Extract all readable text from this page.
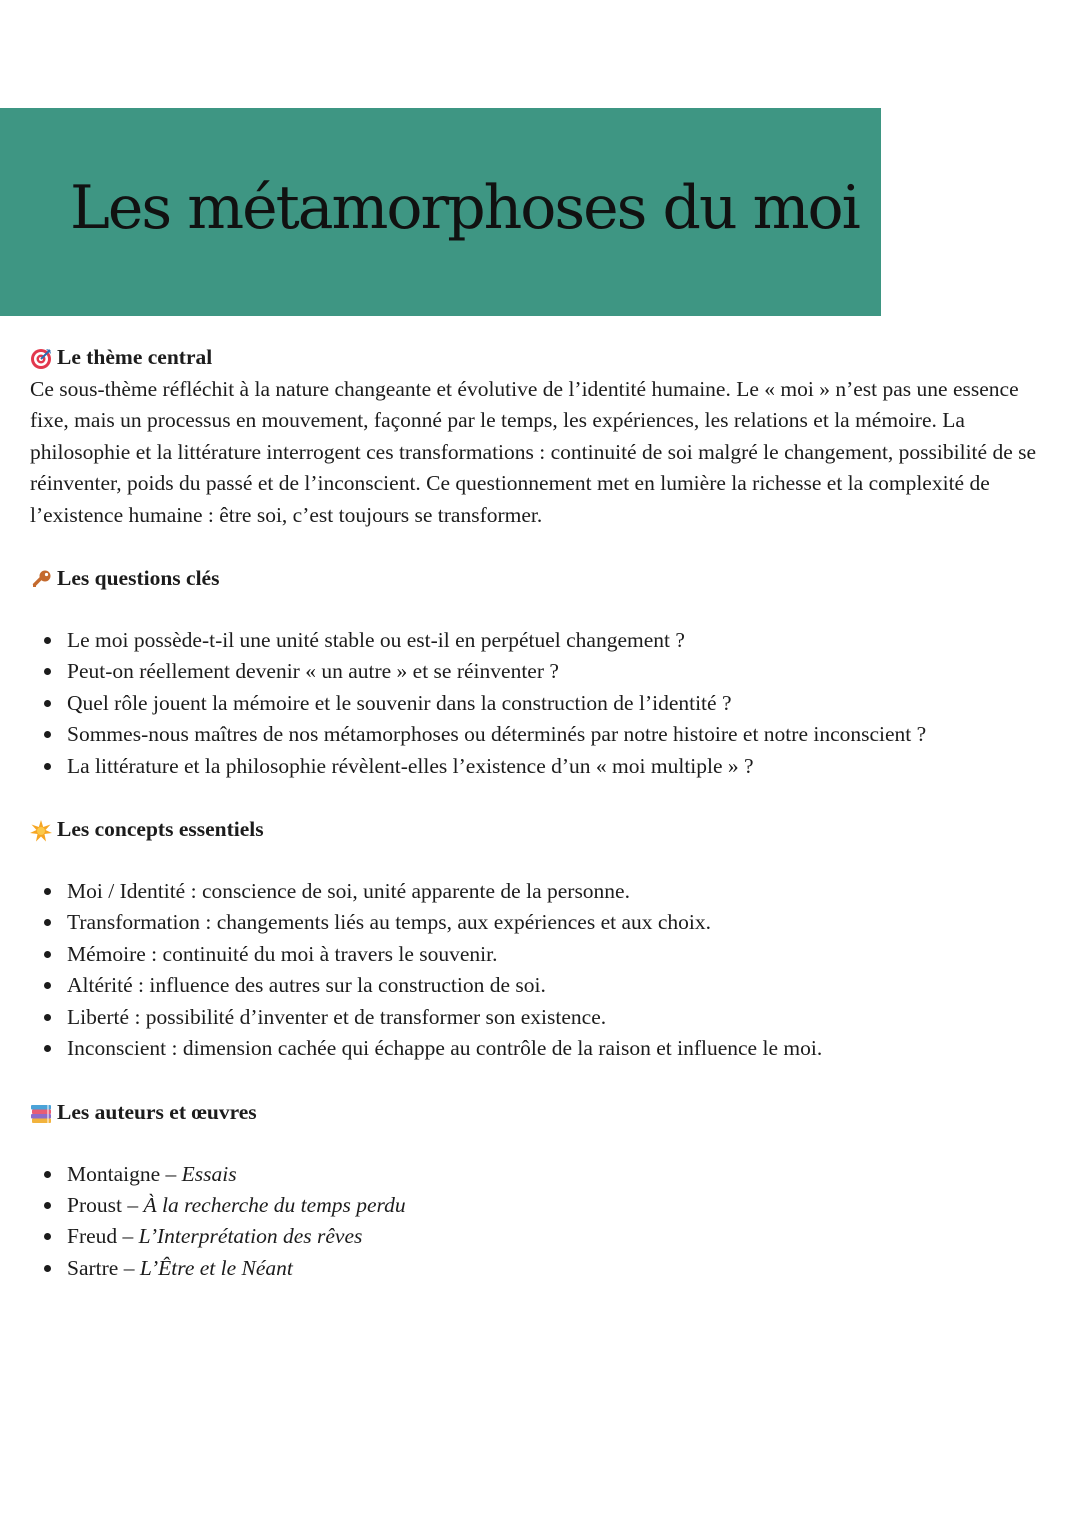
Les métamorphoses du moi
Le thème central

Ce sous-thème réfléchit à la nature changeante et évolutive de l’identité humaine. Le « moi » n’est pas une essence fixe, mais un processus en mouvement, façonné par le temps, les expériences, les relations et la mémoire. La philosophie et la littérature interrogent ces transformations : continuité de soi malgré le changement, possibilité de se réinventer, poids du passé et de l’inconscient. Ce questionnement met en lumière la richesse et la complexité de l’existence humaine : être soi, c’est toujours se transformer.

Les questions clés
Le moi possède-t-il une unité stable ou est-il en perpétuel changement ?
Peut-on réellement devenir « un autre » et se réinventer ?
Quel rôle jouent la mémoire et le souvenir dans la construction de l’identité ?
Sommes-nous maîtres de nos métamorphoses ou déterminés par notre histoire et notre inconscient ?
La littérature et la philosophie révèlent-elles l’existence d’un « moi multiple » ?
Les concepts essentiels
Moi / Identité : conscience de soi, unité apparente de la personne.
Transformation : changements liés au temps, aux expériences et aux choix.
Mémoire : continuité du moi à travers le souvenir.
Altérité : influence des autres sur la construction de soi.
Liberté : possibilité d’inventer et de transformer son existence.
Inconscient : dimension cachée qui échappe au contrôle de la raison et influence le moi.
Les auteurs et œuvres
Montaigne – Essais
Proust – À la recherche du temps perdu
Freud – L’Interprétation des rêves
Sartre – L’Être et le Néant
